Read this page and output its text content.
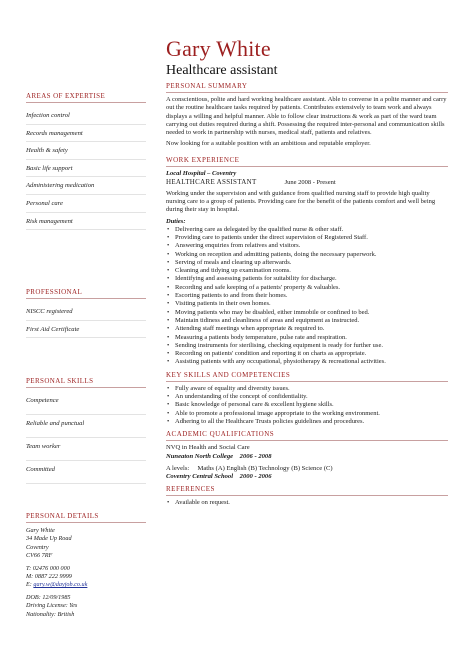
Gary White
Healthcare assistant
AREAS OF EXPERTISE
Infection control
Records management
Health & safety
Basic life support
Administering medication
Personal care
Risk management
PROFESSIONAL
NISCC registered
First Aid Certificate
PERSONAL SKILLS
Competence
Reliable and punctual
Team worker
Committed
PERSONAL DETAILS
Gary White
34 Made Up Road
Coventry
CV66 7RF
T: 02476 000 000
M: 0887 222 9999
E: gary.w@dayjob.co.uk
DOB: 12/09/1985
Driving License: Yes
Nationality: British
PERSONAL SUMMARY

A conscientious, polite and hard working healthcare assistant. Able to converse in a polite manner and carry out the routine healthcare tasks required by patients. Contributes extensively to team work and always displays a willing and helpful manner. Able to follow clear instructions & work as part of the ward team carrying out duties required during a shift. Possessing the required inter-personal and communication skills needed to work in partnership with nurses, medical staff, patients and relatives.

Now looking for a suitable position with an ambitious and reputable employer.

WORK EXPERIENCE
Local Hospital – Coventry
HEALTHCARE ASSISTANT	June 2008 - Present

Working under the supervision and with guidance from qualified nursing staff to provide high quality nursing care to a group of patients. Providing care for the benefit of the patients comfort and well being during their stay in hospital.

Duties:
• Delivering care as delegated by the qualified nurse & other staff.
• Providing care to patients under the direct supervision of Registered Staff.
• Answering enquiries from relatives and visitors.
• Working on reception and admitting patients, doing the necessary paperwork.
• Serving of meals and clearing up afterwards.
• Cleaning and tidying up examination rooms.
• Identifying and assessing patients for suitability for discharge.
• Recording and safe keeping of a patients' property & valuables.
• Escorting patients to and from their homes.
• Visiting patients in their own homes.
• Moving patients who may be disabled, either immobile or confined to bed.
• Maintain tidiness and cleanliness of areas and equipment as instructed.
• Attending staff meetings when appropriate & required to.
• Measuring a patients body temperature, pulse rate and respiration.
• Sending instruments for sterilising, checking equipment is ready for further use.
• Recording on patients' condition and reporting it on charts as appropriate.
• Assisting patients with any occupational, physiotherapy & recreational activities.
KEY SKILLS AND COMPETENCIES
• Fully aware of equality and diversity issues.
• An understanding of the concept of confidentiality.
• Basic knowledge of personal care & excellent hygiene skills.
• Able to promote a professional image appropriate to the working environment.
• Adhering to all the Healthcare Trusts policies guidelines and procedures.
ACADEMIC QUALIFICATIONS
NVQ in Health and Social Care
Nuneaton North College 2006 - 2008
A levels: Maths (A) English (B) Technology (B) Science (C)
Coventry Central School 2000 - 2006
REFERENCES
• Available on request.
